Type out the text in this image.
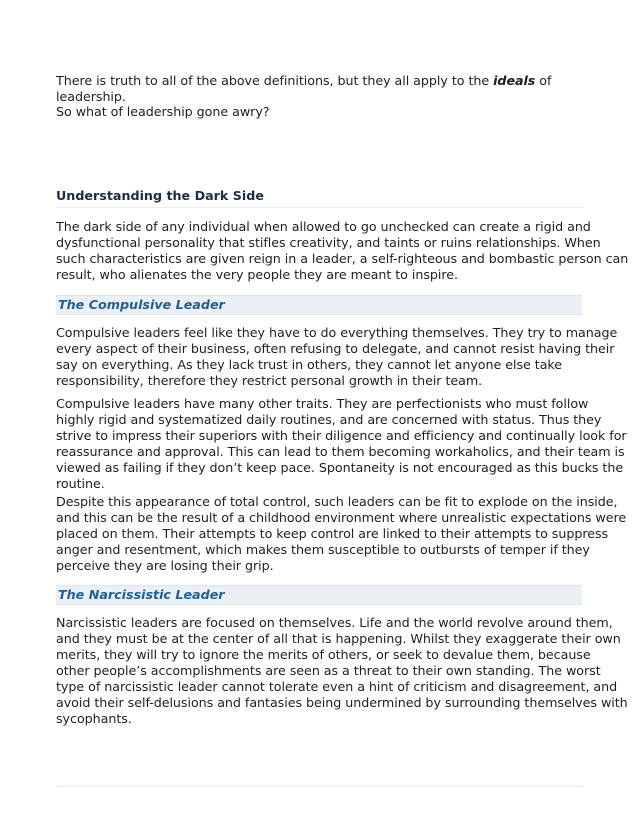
There is truth to all of the above definitions, but they all apply to the ideals of leadership.

So what of leadership gone awry?

Understanding the Dark Side

The dark side of any individual when allowed to go unchecked can create a rigid and
dysfunctional personality that stifles creativity, and taints or ruins relationships. When
such characteristics are given reign in a leader, a self-righteous and bombastic person can
result, who alienates the very people they are meant to inspire.

The Compulsive Leader

Compulsive leaders feel like they have to do everything themselves. They try to manage
every aspect of their business, often refusing to delegate, and cannot resist having their
say on everything. As they lack trust in others, they cannot let anyone else take
responsibility, therefore they restrict personal growth in their team.

Compulsive leaders have many other traits. They are perfectionists who must follow
highly rigid and systematized daily routines, and are concerned with status. Thus they
strive to impress their superiors with their diligence and efficiency and continually look for
reassurance and approval. This can lead to them becoming workaholics, and their team is
viewed as failing if they don’t keep pace. Spontaneity is not encouraged as this bucks the
routine.

Despite this appearance of total control, such leaders can be fit to explode on the inside,
and this can be the result of a childhood environment where unrealistic expectations were
placed on them. Their attempts to keep control are linked to their attempts to suppress
anger and resentment, which makes them susceptible to outbursts of temper if they
perceive they are losing their grip.

The Narcissistic Leader

Narcissistic leaders are focused on themselves. Life and the world revolve around them,
and they must be at the center of all that is happening. Whilst they exaggerate their own
merits, they will try to ignore the merits of others, or seek to devalue them, because
other people’s accomplishments are seen as a threat to their own standing. The worst
type of narcissistic leader cannot tolerate even a hint of criticism and disagreement, and
avoid their self-delusions and fantasies being undermined by surrounding themselves with
sycophants.
